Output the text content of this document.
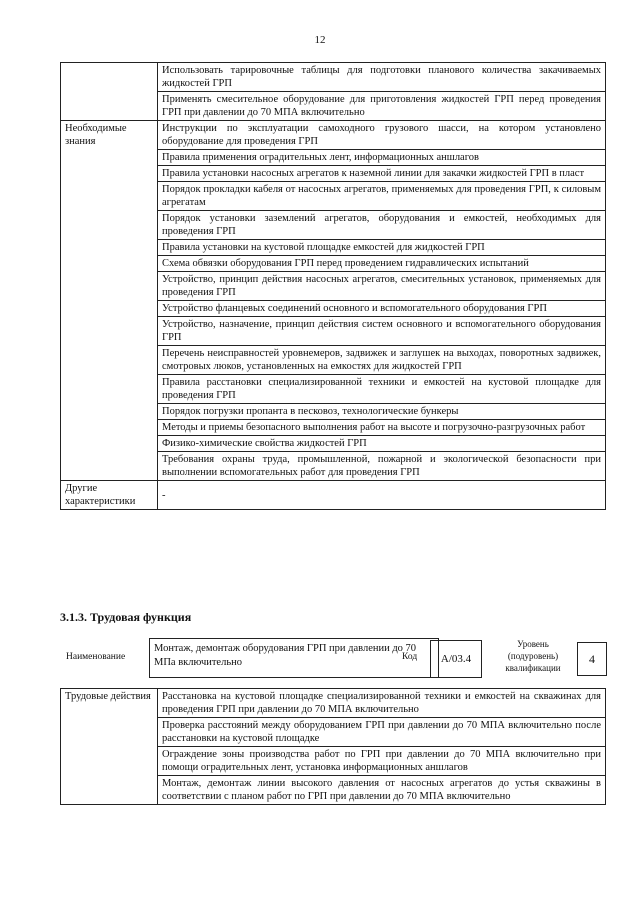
12
	Использовать тарировочные таблицы для подготовки планового количества закачиваемых жидкостей ГРП
	Применять смесительное оборудование для приготовления жидкостей ГРП перед проведения ГРП при давлении до 70 МПА включительно
Необходимые знания	Инструкции по эксплуатации самоходного грузового шасси, на котором установлено оборудование для проведения ГРП
	Правила применения оградительных лент, информационных аншлагов
	Правила установки насосных агрегатов к наземной линии для закачки жидкостей ГРП в пласт
	Порядок прокладки кабеля от насосных агрегатов, применяемых для проведения ГРП, к силовым агрегатам
	Порядок установки заземлений агрегатов, оборудования и емкостей, необходимых для проведения ГРП
	Правила установки на кустовой площадке емкостей для жидкостей ГРП
	Схема обвязки оборудования ГРП перед проведением гидравлических испытаний
	Устройство, принцип действия насосных агрегатов, смесительных установок, применяемых для проведения ГРП
	Устройство фланцевых соединений основного и вспомогательного оборудования ГРП
	Устройство, назначение, принцип действия систем основного и вспомогательного оборудования ГРП
	Перечень неисправностей уровнемеров, задвижек и заглушек на выходах, поворотных задвижек, смотровых люков, установленных на емкостях для жидкостей ГРП
	Правила расстановки специализированной техники и емкостей на кустовой площадке для проведения ГРП
	Порядок погрузки пропанта в песковоз, технологические бункеры
	Методы и приемы безопасного выполнения работ на высоте и погрузочно-разгрузочных работ
	Физико-химические свойства жидкостей ГРП
	Требования охраны труда, промышленной, пожарной и экологической безопасности при выполнении вспомогательных работ для проведения ГРП
Другие характеристики	-
3.1.3. Трудовая функция
Наименование
Монтаж, демонтаж оборудования ГРП при давлении до 70 МПа включительно	Код	А/03.4
Уровень (подуровень) квалификации
4
Трудовые действия	Расстановка на кустовой площадке специализированной техники и емкостей на скважинах для проведения ГРП при давлении до 70 МПА включительно
Проверка расстояний между оборудованием ГРП при давлении до 70 МПА включительно после расстановки на кустовой площадке
Ограждение зоны производства работ по ГРП при давлении до 70 МПА включительно при помощи оградительных лент, установка информационных аншлагов
Монтаж, демонтаж линии высокого давления от насосных агрегатов до устья скважины в соответствии с планом работ по ГРП при давлении до 70 МПА включительно
